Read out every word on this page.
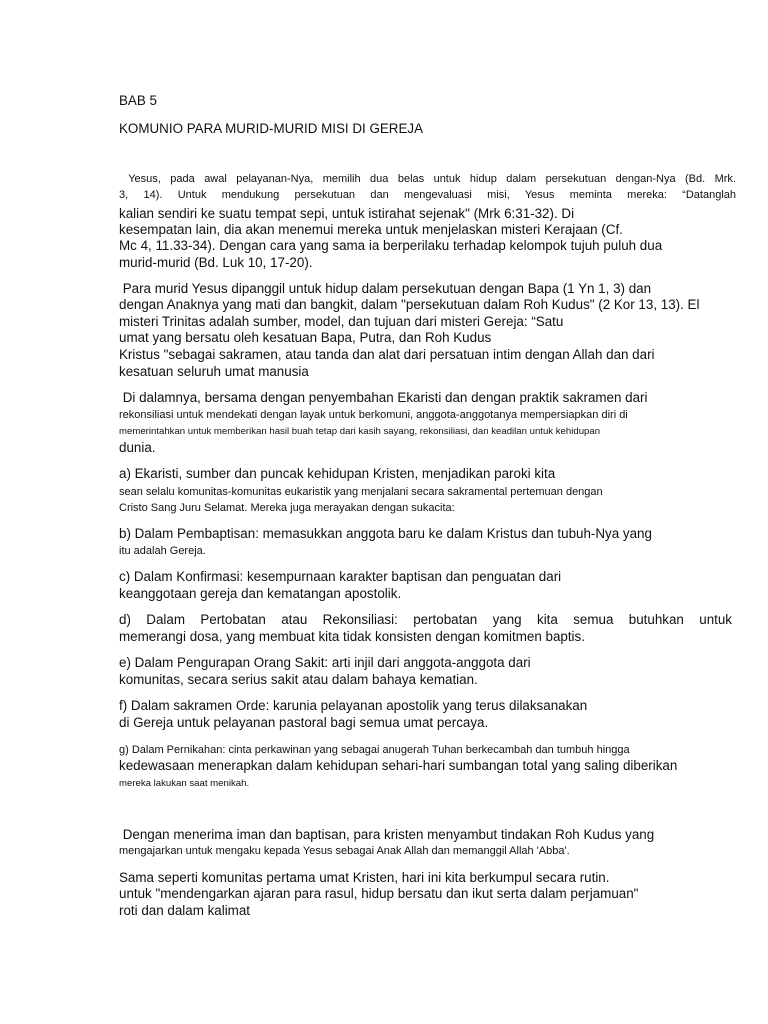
BAB 5
KOMUNIO PARA MURID-MURID MISI DI GEREJA
Yesus, pada awal pelayanan-Nya, memilih dua belas untuk hidup dalam persekutuan dengan-Nya (Bd. Mrk.
3, 14). Untuk mendukung persekutuan dan mengevaluasi misi, Yesus meminta mereka: “Datanglah
kalian sendiri ke suatu tempat sepi, untuk istirahat sejenak" (Mrk 6:31-32). Di
kesempatan lain, dia akan menemui mereka untuk menjelaskan misteri Kerajaan (Cf.
Mc 4, 11.33-34). Dengan cara yang sama ia berperilaku terhadap kelompok tujuh puluh dua
murid-murid (Bd. Luk 10, 17-20).
Para murid Yesus dipanggil untuk hidup dalam persekutuan dengan Bapa (1 Yn 1, 3) dan
dengan Anaknya yang mati dan bangkit, dalam "persekutuan dalam Roh Kudus" (2 Kor 13, 13). El
misteri Trinitas adalah sumber, model, dan tujuan dari misteri Gereja: “Satu
umat yang bersatu oleh kesatuan Bapa, Putra, dan Roh Kudus
Kristus "sebagai sakramen, atau tanda dan alat dari persatuan intim dengan Allah dan dari
kesatuan seluruh umat manusia
Di dalamnya, bersama dengan penyembahan Ekaristi dan dengan praktik sakramen dari
rekonsiliasi untuk mendekati dengan layak untuk berkomuni, anggota-anggotanya mempersiapkan diri di
memerintahkan untuk memberikan hasil buah tetap dari kasih sayang, rekonsiliasi, dan keadilan untuk kehidupan
dunia.
a) Ekaristi, sumber dan puncak kehidupan Kristen, menjadikan paroki kita
sean selalu komunitas-komunitas eukaristik yang menjalani secara sakramental pertemuan dengan
Cristo Sang Juru Selamat. Mereka juga merayakan dengan sukacita:
b) Dalam Pembaptisan: memasukkan anggota baru ke dalam Kristus dan tubuh-Nya yang
itu adalah Gereja.
c) Dalam Konfirmasi: kesempurnaan karakter baptisan dan penguatan dari
keanggotaan gereja dan kematangan apostolik.
d) Dalam Pertobatan atau Rekonsiliasi: pertobatan yang kita semua butuhkan untuk
memerangi dosa, yang membuat kita tidak konsisten dengan komitmen baptis.
e) Dalam Pengurapan Orang Sakit: arti injil dari anggota-anggota dari
komunitas, secara serius sakit atau dalam bahaya kematian.
f) Dalam sakramen Orde: karunia pelayanan apostolik yang terus dilaksanakan
di Gereja untuk pelayanan pastoral bagi semua umat percaya.
g) Dalam Pernikahan: cinta perkawinan yang sebagai anugerah Tuhan berkecambah dan tumbuh hingga
kedewasaan menerapkan dalam kehidupan sehari-hari sumbangan total yang saling diberikan
mereka lakukan saat menikah.
Dengan menerima iman dan baptisan, para kristen menyambut tindakan Roh Kudus yang
mengajarkan untuk mengaku kepada Yesus sebagai Anak Allah dan memanggil Allah 'Abba'.
Sama seperti komunitas pertama umat Kristen, hari ini kita berkumpul secara rutin.
untuk "mendengarkan ajaran para rasul, hidup bersatu dan ikut serta dalam perjamuan"
roti dan dalam kalimat
